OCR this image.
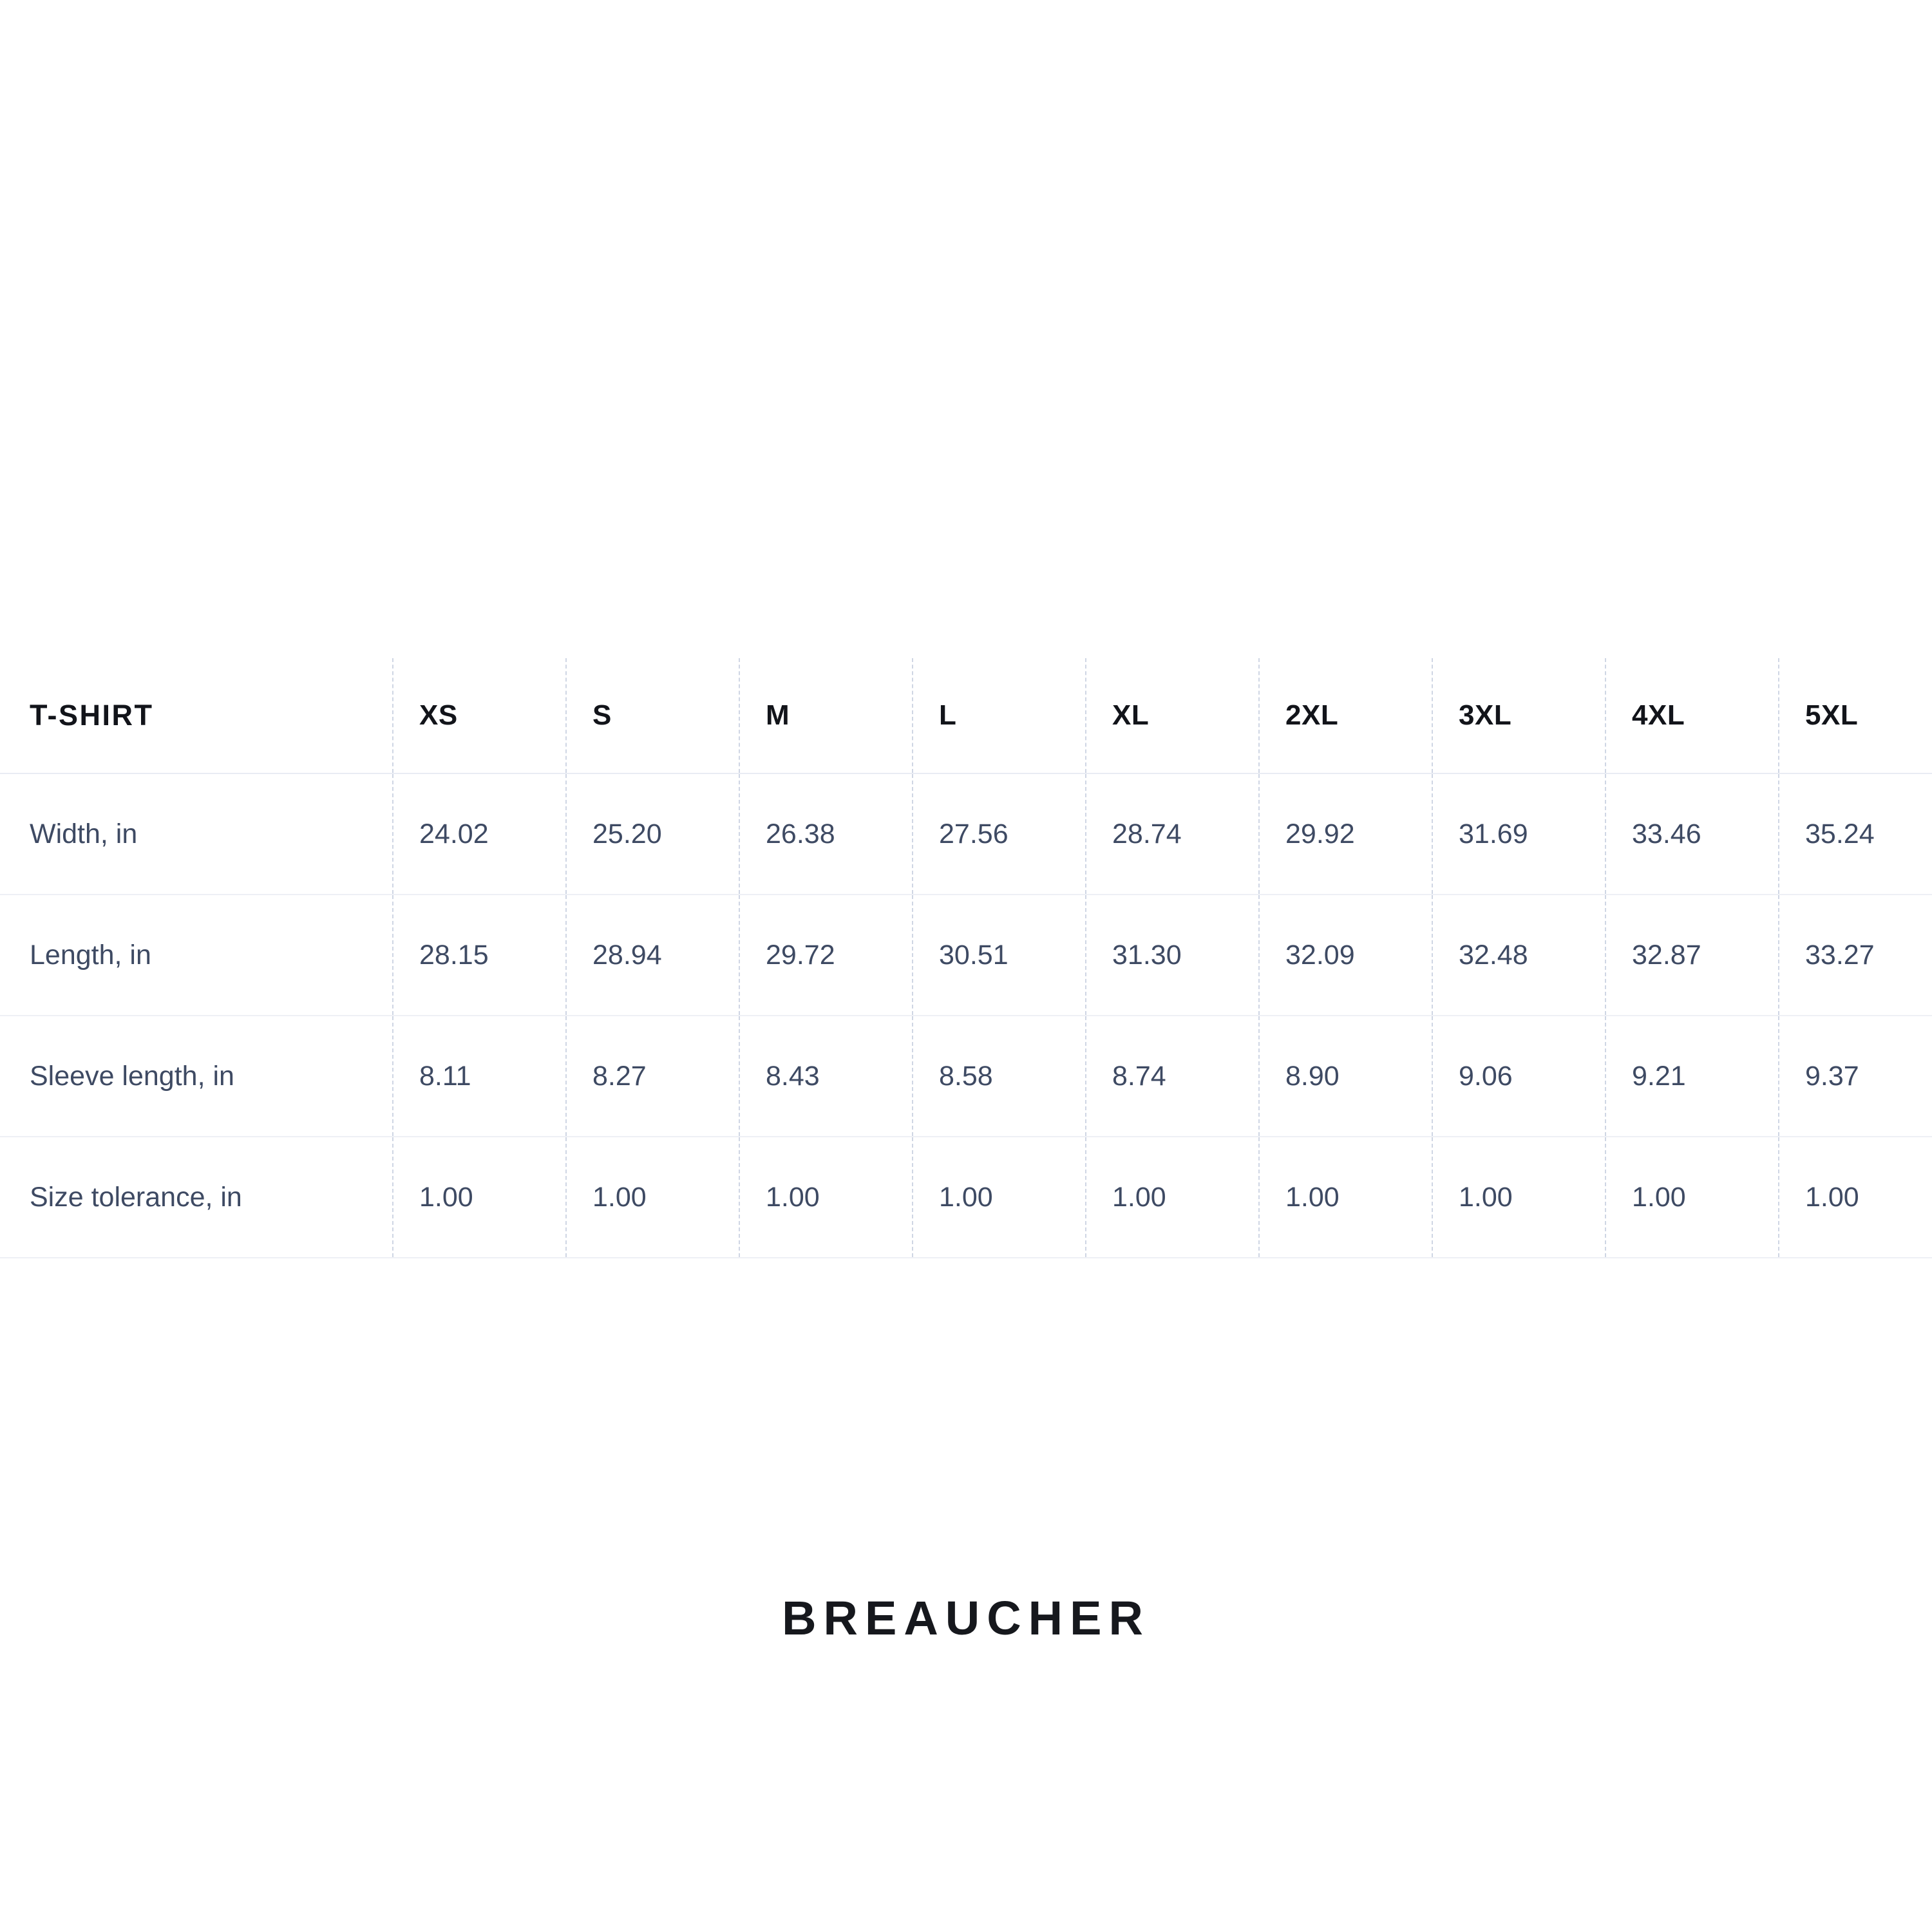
T-SHIRT	XS	S	M	L	XL	2XL	3XL	4XL	5XL
Width, in	24.02	25.20	26.38	27.56	28.74	29.92	31.69	33.46	35.24
Length, in	28.15	28.94	29.72	30.51	31.30	32.09	32.48	32.87	33.27
Sleeve length, in	8.11	8.27	8.43	8.58	8.74	8.90	9.06	9.21	9.37
Size tolerance, in	1.00	1.00	1.00	1.00	1.00	1.00	1.00	1.00	1.00
BREAUCHER
